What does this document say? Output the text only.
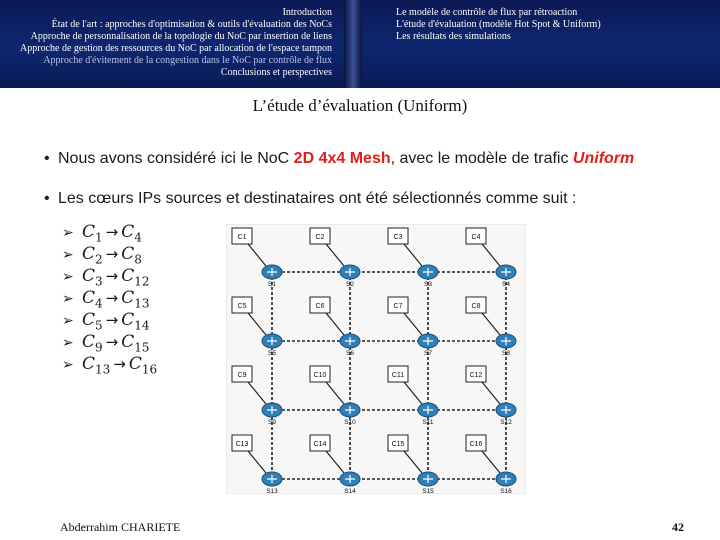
Introduction
État de l'art : approches d'optimisation & outils d'évaluation des NoCs
Approche de personnalisation de la topologie du NoC par insertion de liens
Approche de gestion des ressources du NoC par allocation de l'espace tampon
Approche d'évitement de la congestion dans le NoC par contrôle de flux
Conclusions et perspectives
Le modèle de contrôle de flux par rétroaction
L'étude d'évaluation (modèle Hot Spot & Uniform)
Les résultats des simulations
L’étude d’évaluation (Uniform)
• Nous avons considéré ici le NoC 2D 4x4 Mesh, avec le modèle de trafic Uniform
• Les cœurs IPs sources et destinataires ont été sélectionnés comme suit :
➢ $C_1 \to C_4$
➢ $C_2 \to C_8$
➢ $C_3 \to C_{12}$
➢ $C_4 \to C_{13}$
➢ $C_5 \to C_{14}$
➢ $C_9 \to C_{15}$
➢ $C_{13} \to C_{16}$
C1
S1
C2
S2
C3
S3
C4
S4
C5
S5
C6
S6
C7
S7
C8
S8
C9
S9
C10
S10
C11
S11
C12
S12
C13
S13
C14
S14
C15
S15
C16
S16
Abderrahim CHARIETE	42
